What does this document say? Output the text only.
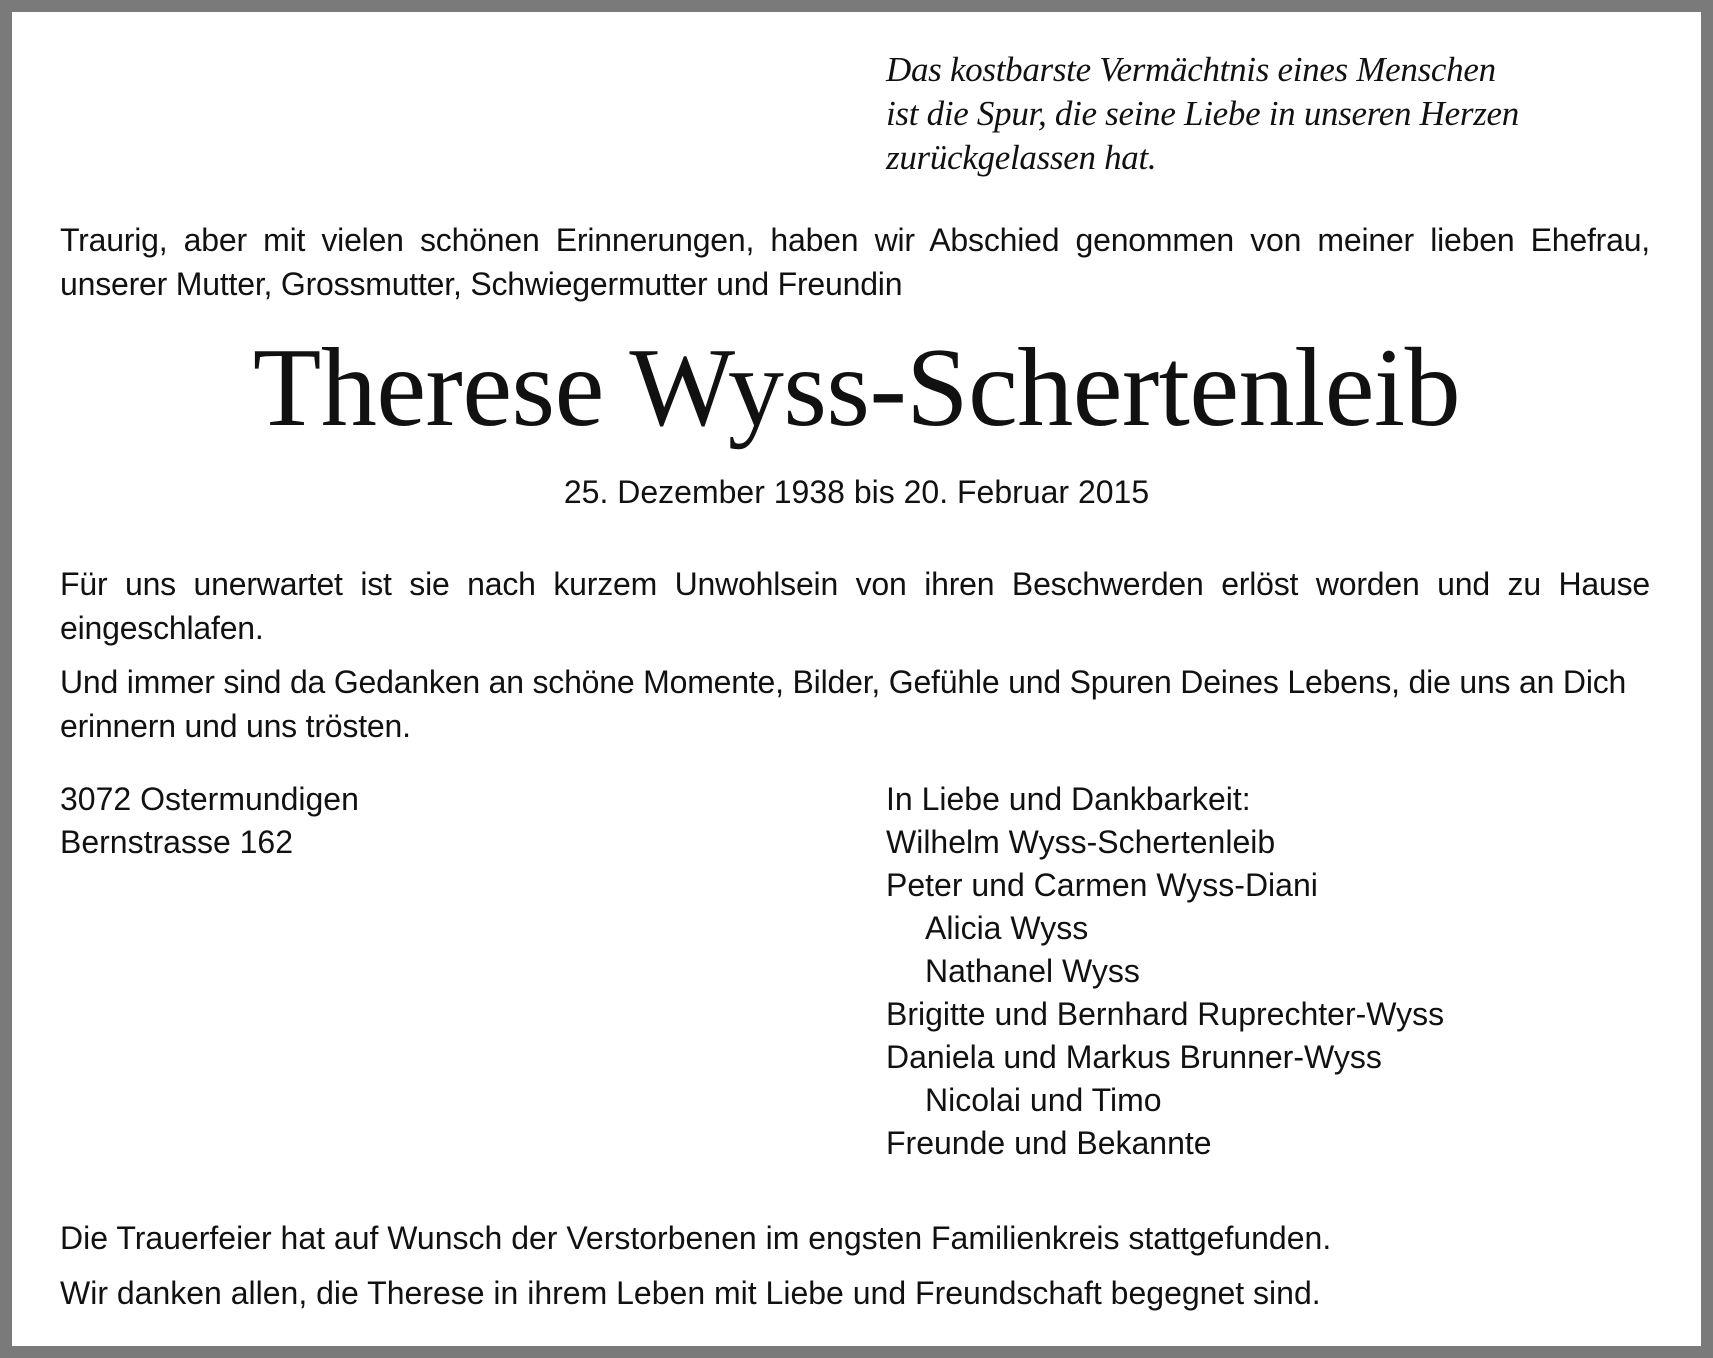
Das kostbarste Vermächtnis eines Menschen
ist die Spur, die seine Liebe in unseren Herzen
zurückgelassen hat.
Traurig, aber mit vielen schönen Erinnerungen, haben wir Abschied genommen von meiner lieben Ehefrau, unserer Mutter, Grossmutter, Schwiegermutter und Freundin
Therese Wyss-Schertenleib
25. Dezember 1938 bis 20. Februar 2015
Für uns unerwartet ist sie nach kurzem Unwohlsein von ihren Beschwerden erlöst worden und zu Hause eingeschlafen.
Und immer sind da Gedanken an schöne Momente, Bilder, Gefühle und Spuren Deines Lebens, die uns an Dich erinnern und uns trösten.
3072 Ostermundigen
Bernstrasse 162
In Liebe und Dankbarkeit:
Wilhelm Wyss-Schertenleib
Peter und Carmen Wyss-Diani
Alicia Wyss
Nathanel Wyss
Brigitte und Bernhard Ruprechter-Wyss
Daniela und Markus Brunner-Wyss
Nicolai und Timo
Freunde und Bekannte
Die Trauerfeier hat auf Wunsch der Verstorbenen im engsten Familienkreis stattgefunden.
Wir danken allen, die Therese in ihrem Leben mit Liebe und Freundschaft begegnet sind.
